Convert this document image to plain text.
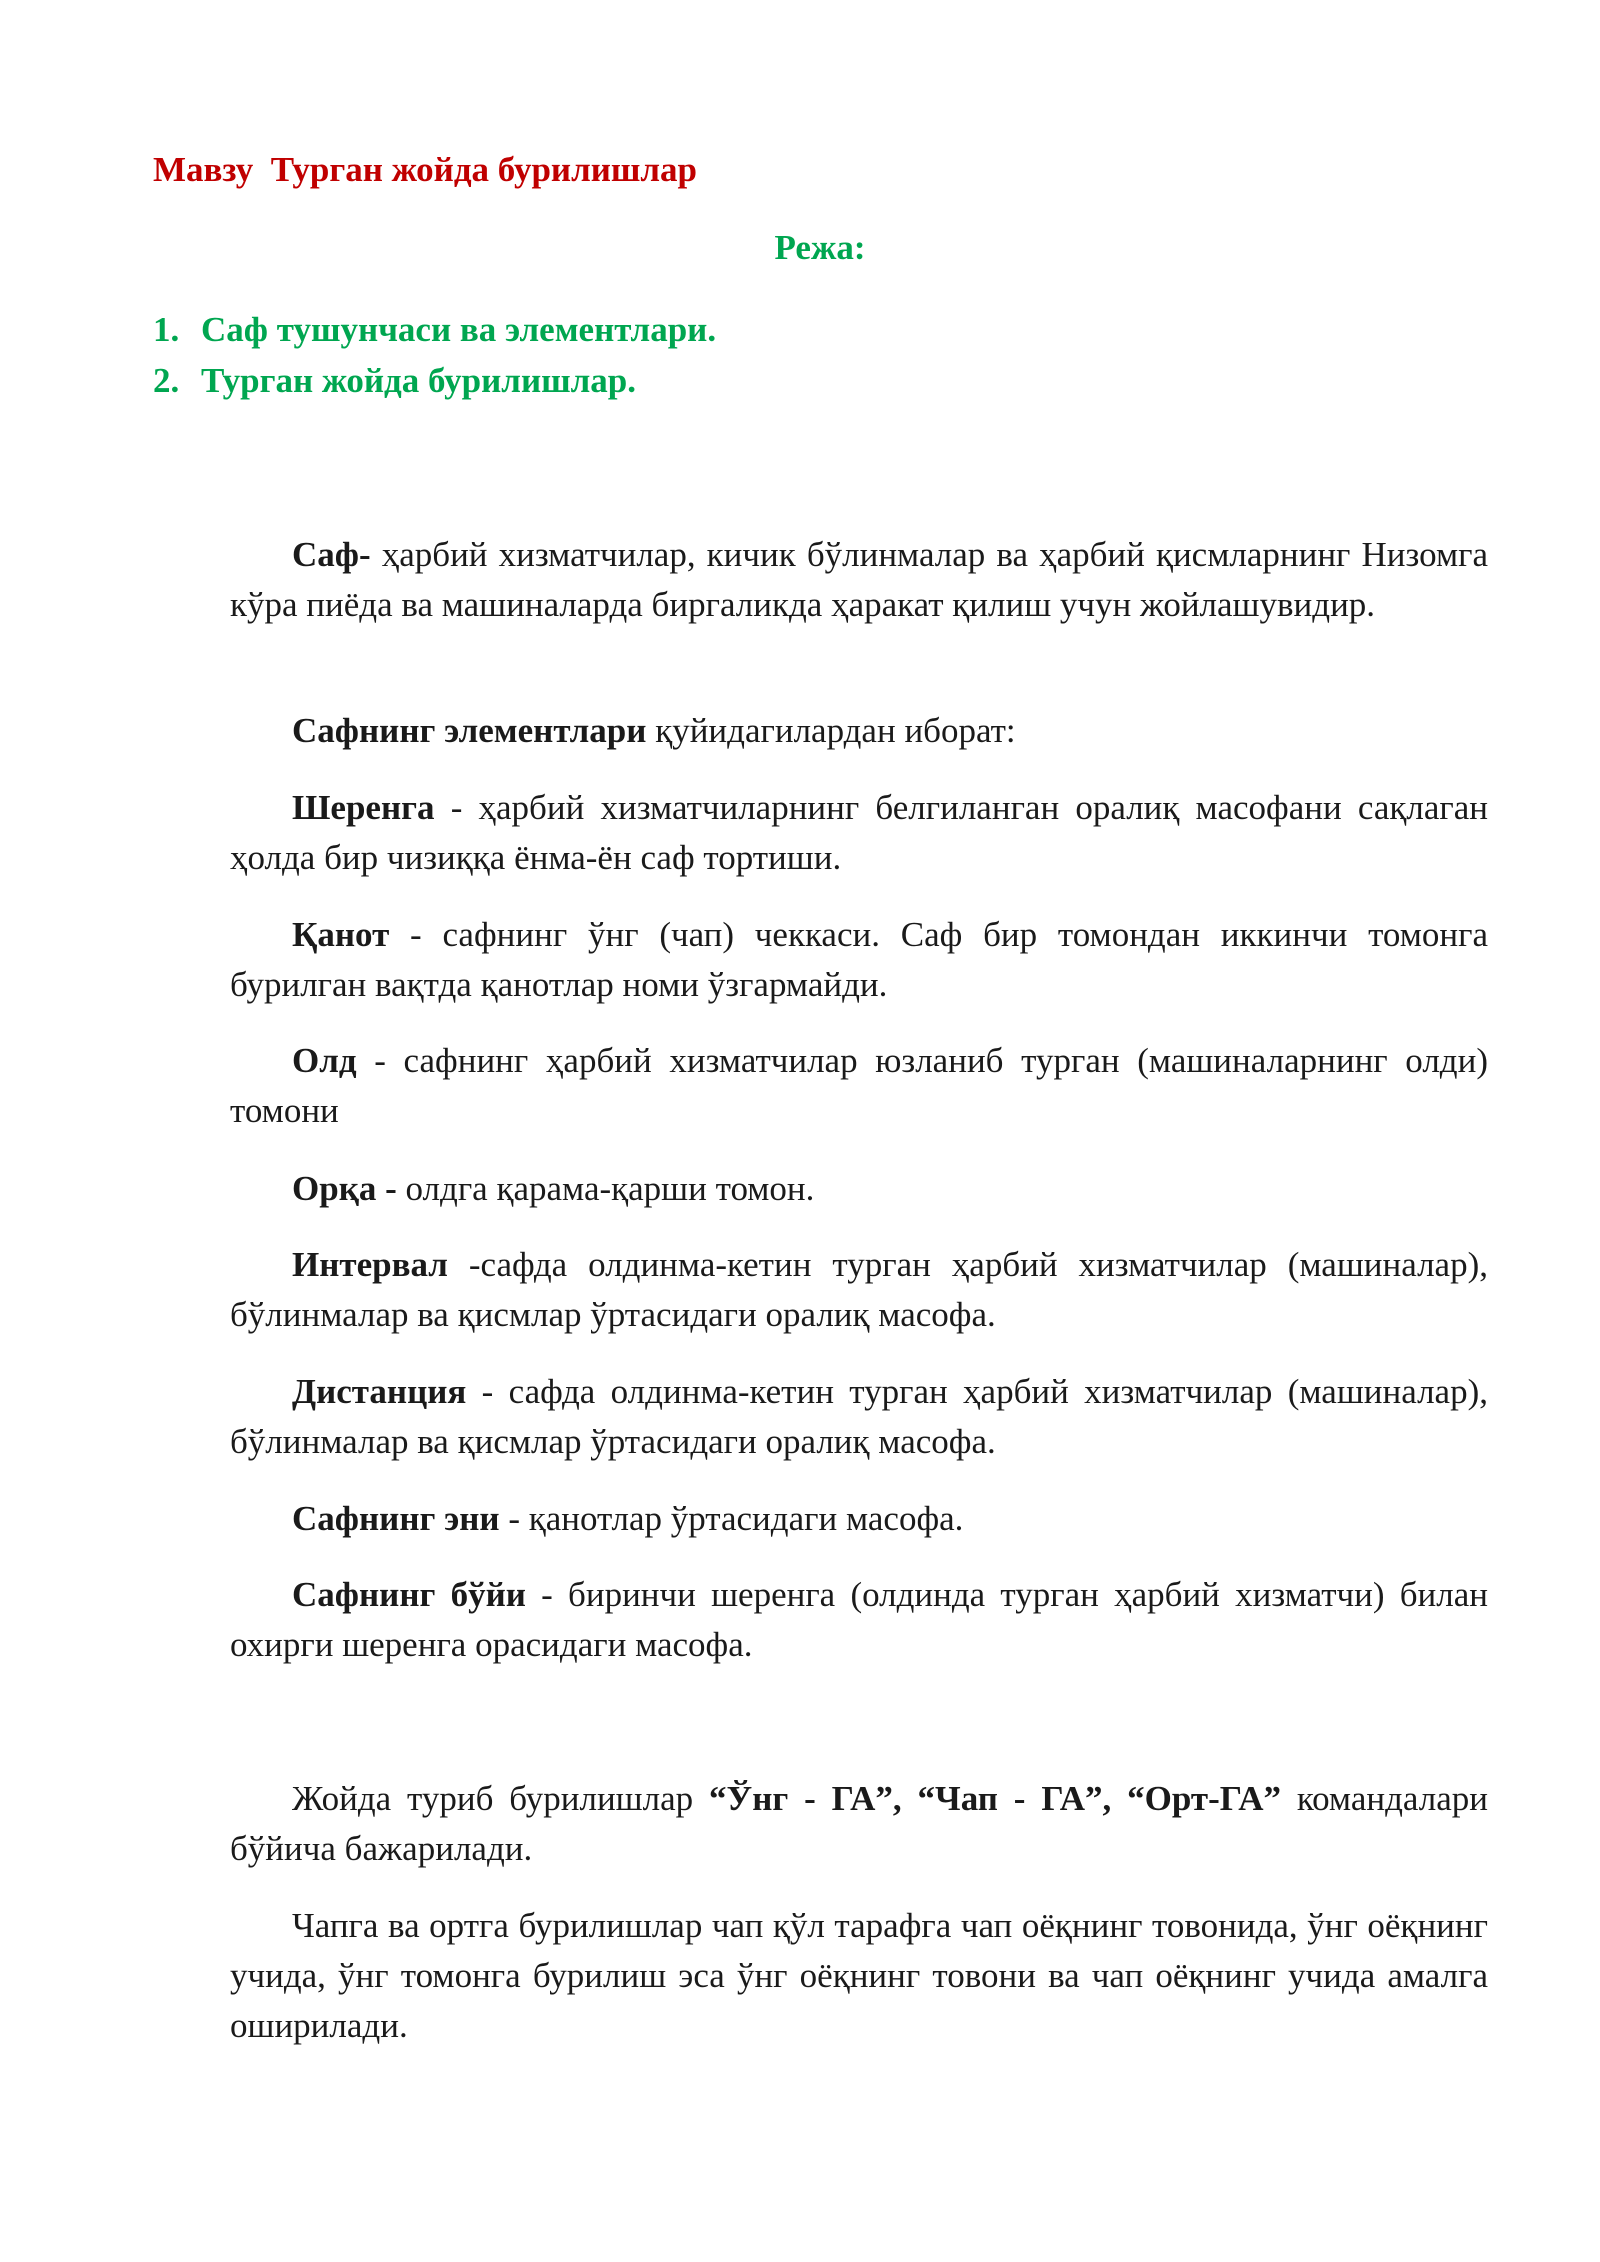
Мавзу  Турган жойда бурилишлар
Режа:
1. Саф тушунчаси ва элементлари.
2. Турган жойда бурилишлар.

Саф- ҳарбий хизматчилар, кичик бўлинмалар ва ҳарбий қисмларнинг Низомга кўра пиёда ва машиналарда биргаликда ҳаракат қилиш учун жойлашувидир.

Сафнинг элементлари қуйидагилардан иборат:

Шеренга - ҳарбий хизматчиларнинг белгиланган оралиқ масофани сақлаган ҳолда бир чизиққа ёнма-ён саф тортиши.

Қанот - сафнинг ўнг (чап) чеккаси. Саф бир томондан иккинчи томонга бурилган вақтда қанотлар номи ўзгармайди.

Олд - сафнинг ҳарбий хизматчилар юзланиб турган (машиналарнинг олди) томони

Орқа - олдга қарама-қарши томон.

Интервал -сафда олдинма-кетин турган ҳарбий хизматчилар (машиналар), бўлинмалар ва қисмлар ўртасидаги оралиқ масофа.

Дистанция - сафда олдинма-кетин турган ҳарбий хизматчилар (машиналар), бўлинмалар ва қисмлар ўртасидаги оралиқ масофа.

Сафнинг эни - қанотлар ўртасидаги масофа.

Сафнинг бўйи - биринчи шеренга (олдинда турган ҳарбий хизматчи) билан охирги шеренга орасидаги масофа.

Жойда туриб бурилишлар “Ўнг - ГА”, “Чап - ГА”, “Орт-ГА” командалари бўйича бажарилади.

Чапга ва ортга бурилишлар чап қўл тарафга чап оёқнинг товонида, ўнг оёқнинг учида, ўнг томонга бурилиш эса ўнг оёқнинг товони ва чап оёқнинг учида амалга оширилади.
